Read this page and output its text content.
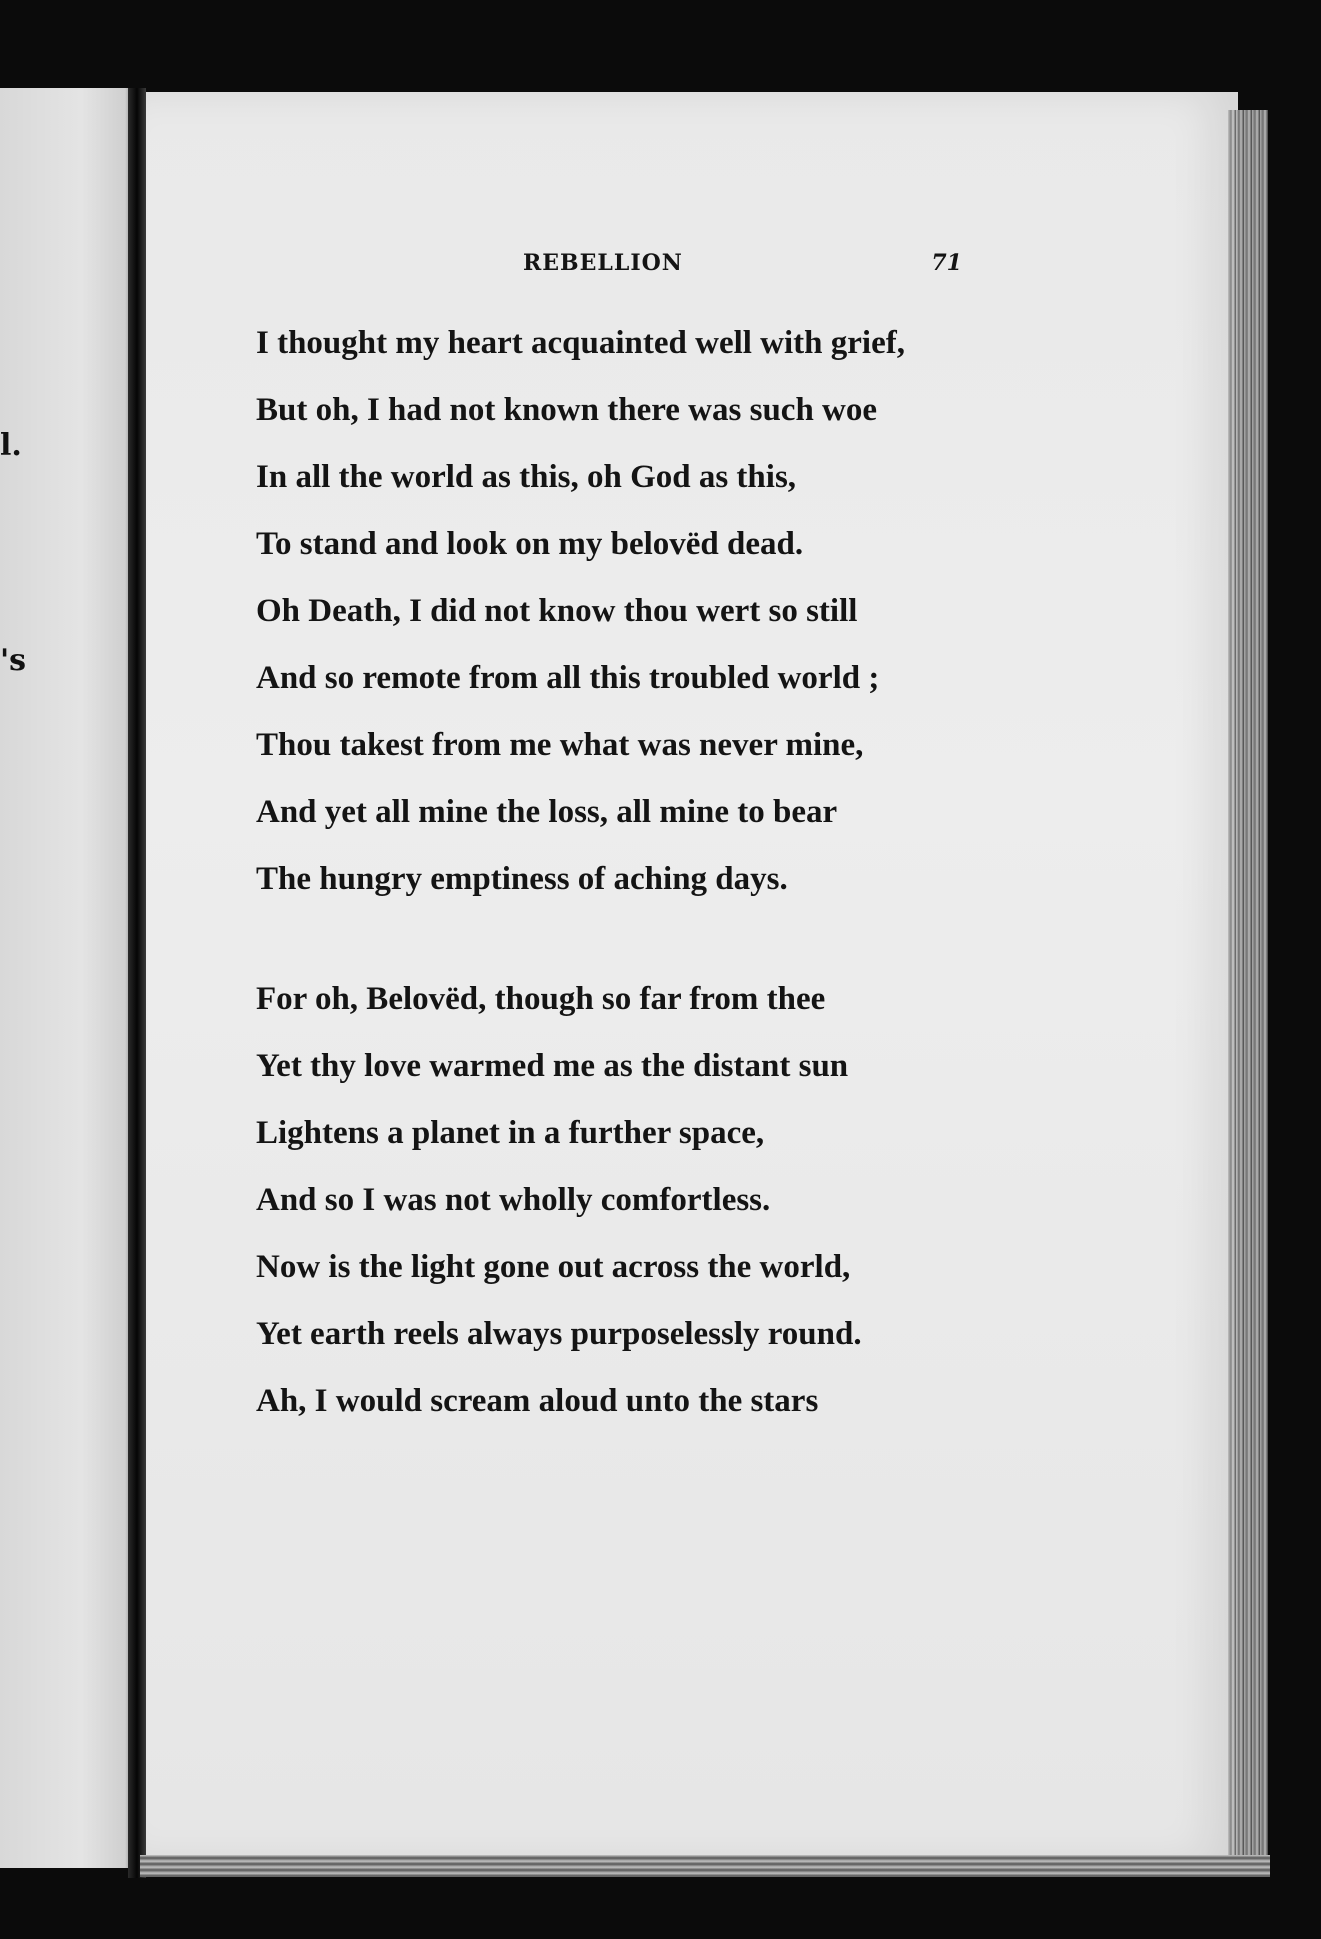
l.
's
REBELLION	71
I thought my heart acquainted well with grief,
But oh, I had not known there was such woe
In all the world as this, oh God as this,
To stand and look on my belovëd dead.
Oh Death, I did not know thou wert so still
And so remote from all this troubled world ;
Thou takest from me what was never mine,
And yet all mine the loss, all mine to bear
The hungry emptiness of aching days.
For oh, Belovëd, though so far from thee
Yet thy love warmed me as the distant sun
Lightens a planet in a further space,
And so I was not wholly comfortless.
Now is the light gone out across the world,
Yet earth reels always purposelessly round.
Ah, I would scream aloud unto the stars
